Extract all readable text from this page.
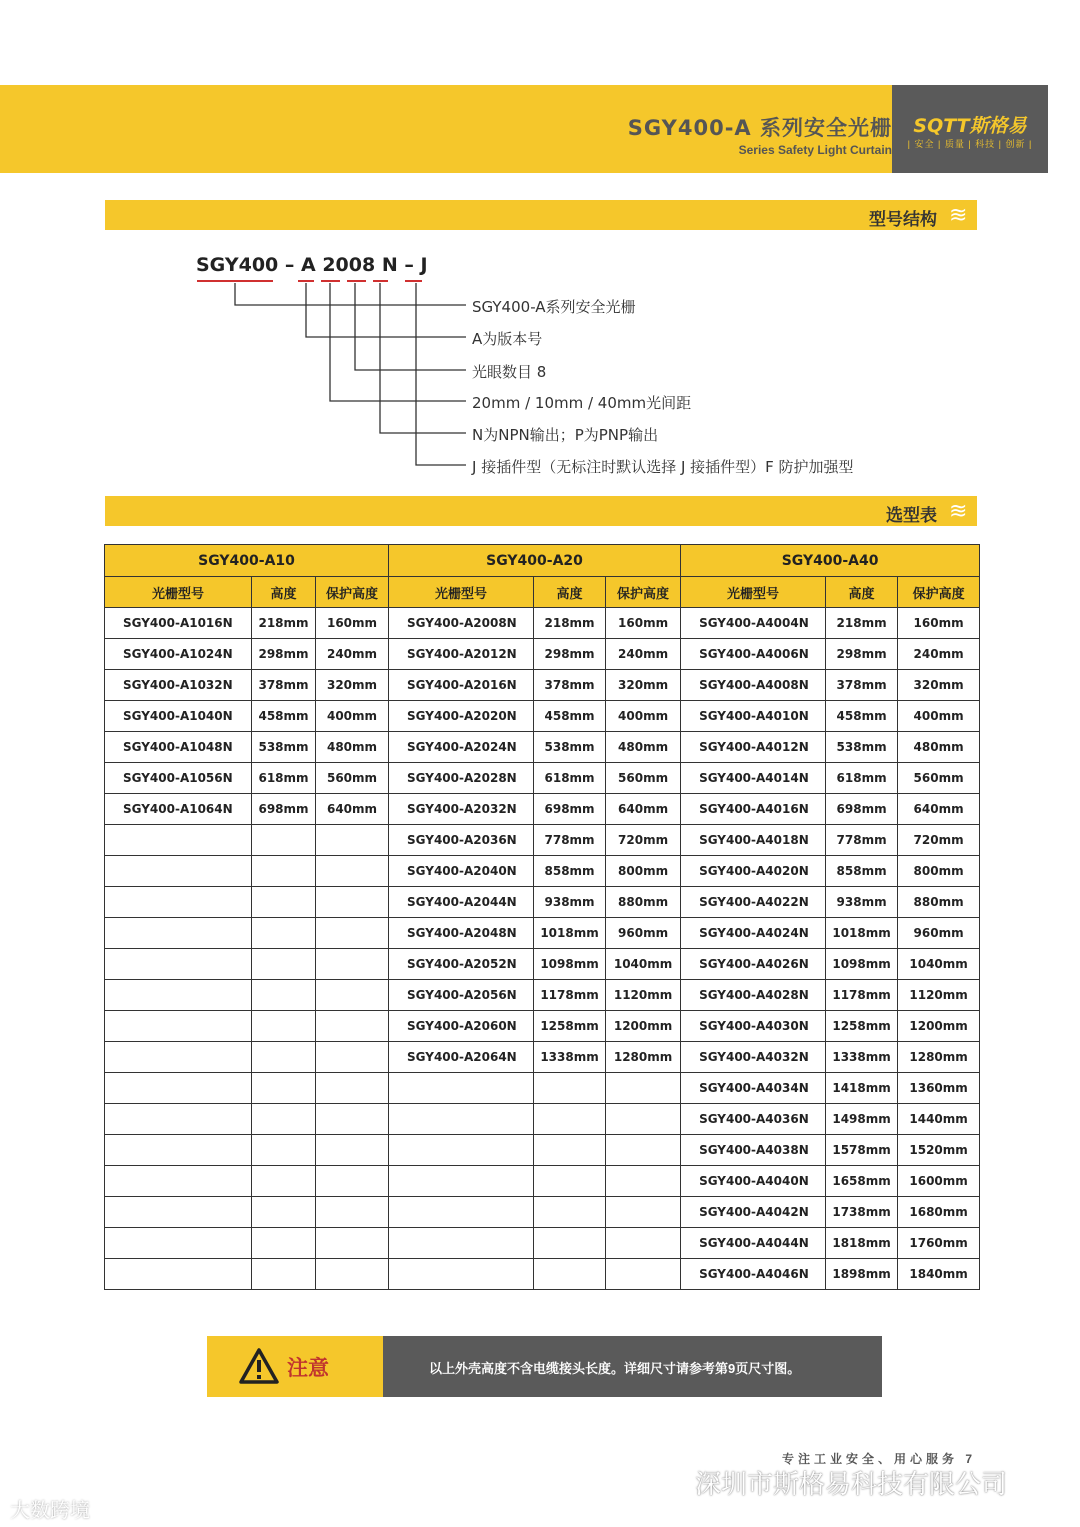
SGY400-A 系列安全光栅
Series Safety Light Curtain
SQTT斯格易
| 安全 | 质量 | 科技 | 创新 |
型号结构 ≋
SGY400 – A 2008 N – J
SGY400-A系列安全光栅
A为版本号
光眼数目 8
20mm / 10mm / 40mm光间距
N为NPN输出；P为PNP输出
J 接插件型（无标注时默认选择 J 接插件型）F 防护加强型
选型表 ≋
SGY400-A10			SGY400-A20			SGY400-A40		
光栅型号	高度	保护高度	光栅型号	高度	保护高度	光栅型号	高度	保护高度
SGY400-A1016N	218mm	160mm	SGY400-A2008N	218mm	160mm	SGY400-A4004N	218mm	160mm
SGY400-A1024N	298mm	240mm	SGY400-A2012N	298mm	240mm	SGY400-A4006N	298mm	240mm
SGY400-A1032N	378mm	320mm	SGY400-A2016N	378mm	320mm	SGY400-A4008N	378mm	320mm
SGY400-A1040N	458mm	400mm	SGY400-A2020N	458mm	400mm	SGY400-A4010N	458mm	400mm
SGY400-A1048N	538mm	480mm	SGY400-A2024N	538mm	480mm	SGY400-A4012N	538mm	480mm
SGY400-A1056N	618mm	560mm	SGY400-A2028N	618mm	560mm	SGY400-A4014N	618mm	560mm
SGY400-A1064N	698mm	640mm	SGY400-A2032N	698mm	640mm	SGY400-A4016N	698mm	640mm
			SGY400-A2036N	778mm	720mm	SGY400-A4018N	778mm	720mm
			SGY400-A2040N	858mm	800mm	SGY400-A4020N	858mm	800mm
			SGY400-A2044N	938mm	880mm	SGY400-A4022N	938mm	880mm
			SGY400-A2048N	1018mm	960mm	SGY400-A4024N	1018mm	960mm
			SGY400-A2052N	1098mm	1040mm	SGY400-A4026N	1098mm	1040mm
			SGY400-A2056N	1178mm	1120mm	SGY400-A4028N	1178mm	1120mm
			SGY400-A2060N	1258mm	1200mm	SGY400-A4030N	1258mm	1200mm
			SGY400-A2064N	1338mm	1280mm	SGY400-A4032N	1338mm	1280mm
						SGY400-A4034N	1418mm	1360mm
						SGY400-A4036N	1498mm	1440mm
						SGY400-A4038N	1578mm	1520mm
						SGY400-A4040N	1658mm	1600mm
						SGY400-A4042N	1738mm	1680mm
						SGY400-A4044N	1818mm	1760mm
						SGY400-A4046N	1898mm	1840mm
注意	以上外壳高度不含电缆接头长度。详细尺寸请参考第9页尺寸图。
专注工业安全、用心服务 7
深圳市斯格易科技有限公司
大数跨境
